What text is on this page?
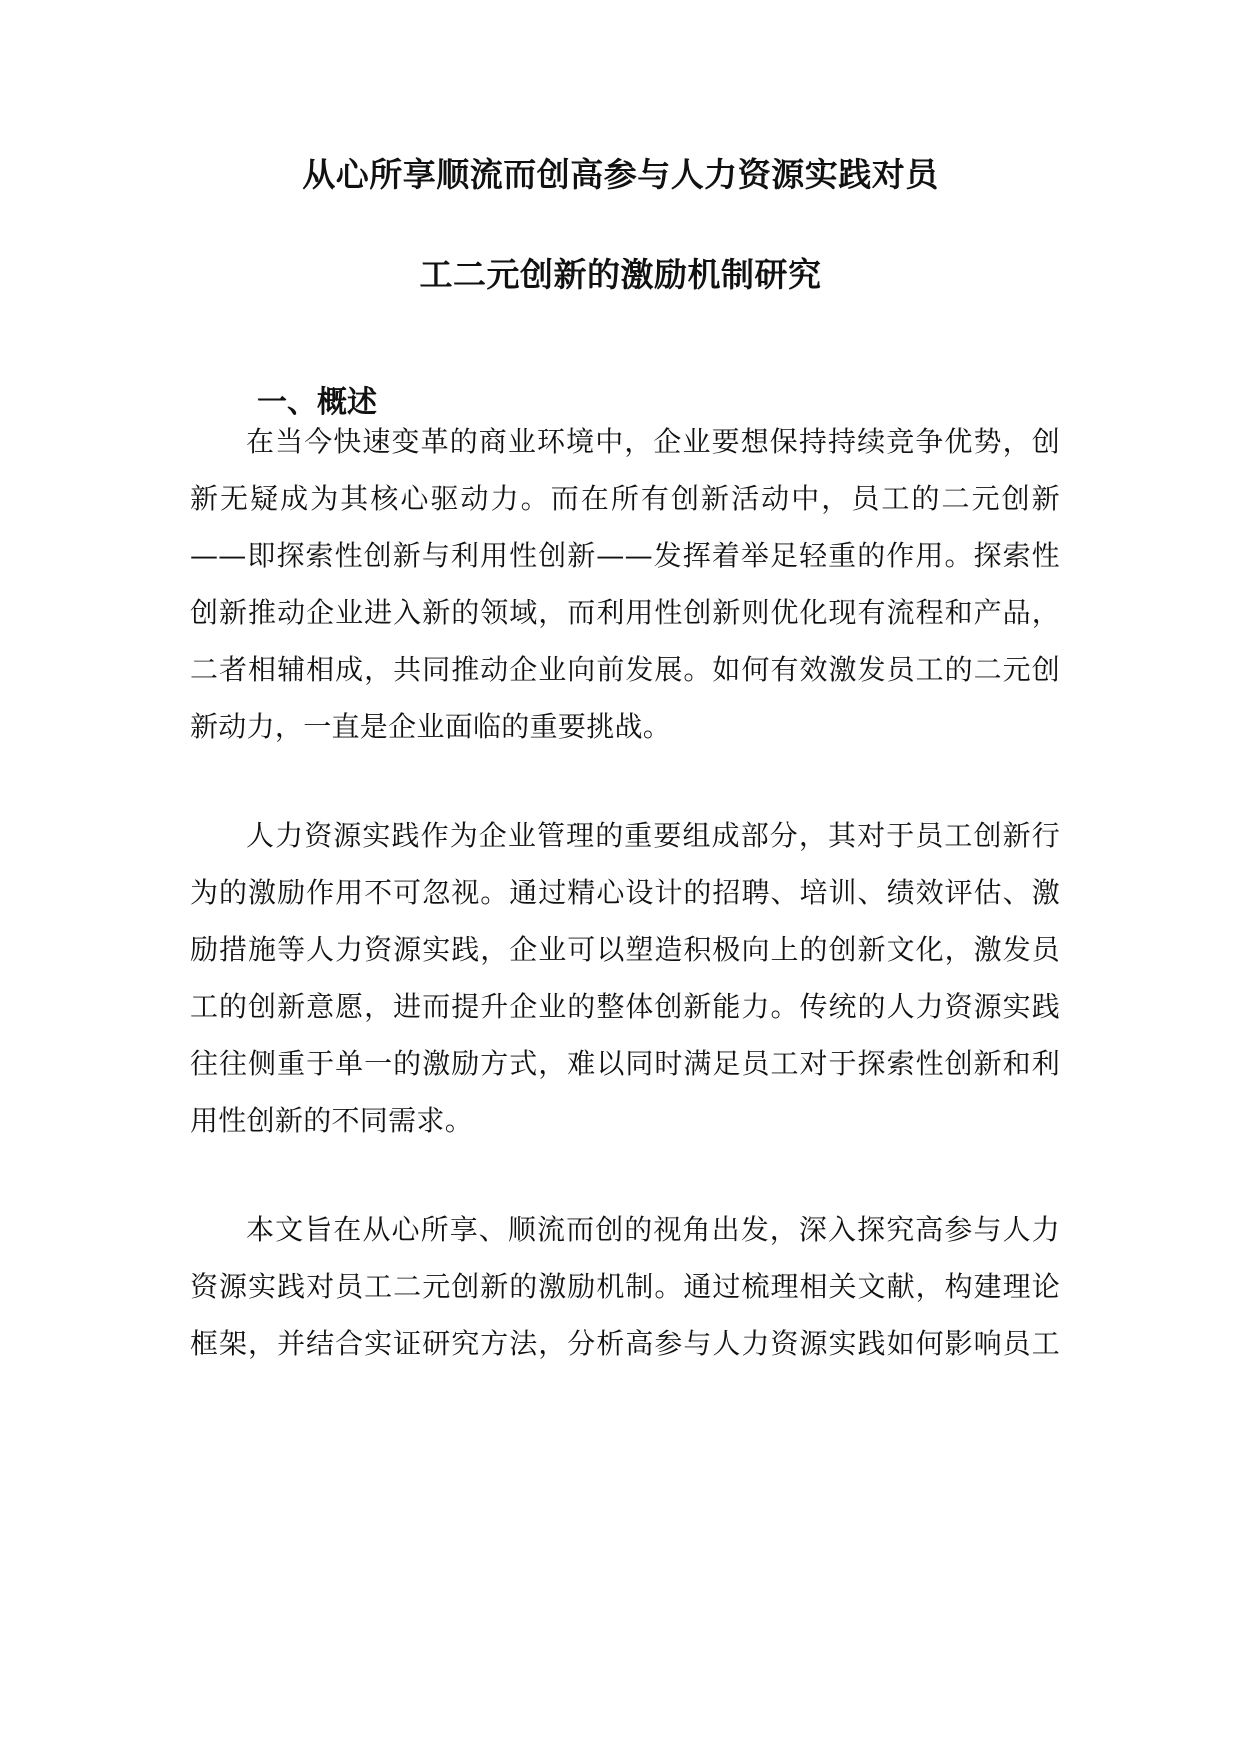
从心所享顺流而创高参与人力资源实践对员
工二元创新的激励机制研究
一、概述
在当今快速变革的商业环境中，企业要想保持持续竞争优势，创
新无疑成为其核心驱动力。而在所有创新活动中，员工的二元创新
——即探索性创新与利用性创新——发挥着举足轻重的作用。探索性
创新推动企业进入新的领域，而利用性创新则优化现有流程和产品，
二者相辅相成，共同推动企业向前发展。如何有效激发员工的二元创
新动力，一直是企业面临的重要挑战。
人力资源实践作为企业管理的重要组成部分，其对于员工创新行
为的激励作用不可忽视。通过精心设计的招聘、培训、绩效评估、激
励措施等人力资源实践，企业可以塑造积极向上的创新文化，激发员
工的创新意愿，进而提升企业的整体创新能力。传统的人力资源实践
往往侧重于单一的激励方式，难以同时满足员工对于探索性创新和利
用性创新的不同需求。
本文旨在从心所享、顺流而创的视角出发，深入探究高参与人力
资源实践对员工二元创新的激励机制。通过梳理相关文献，构建理论
框架，并结合实证研究方法，分析高参与人力资源实践如何影响员工
